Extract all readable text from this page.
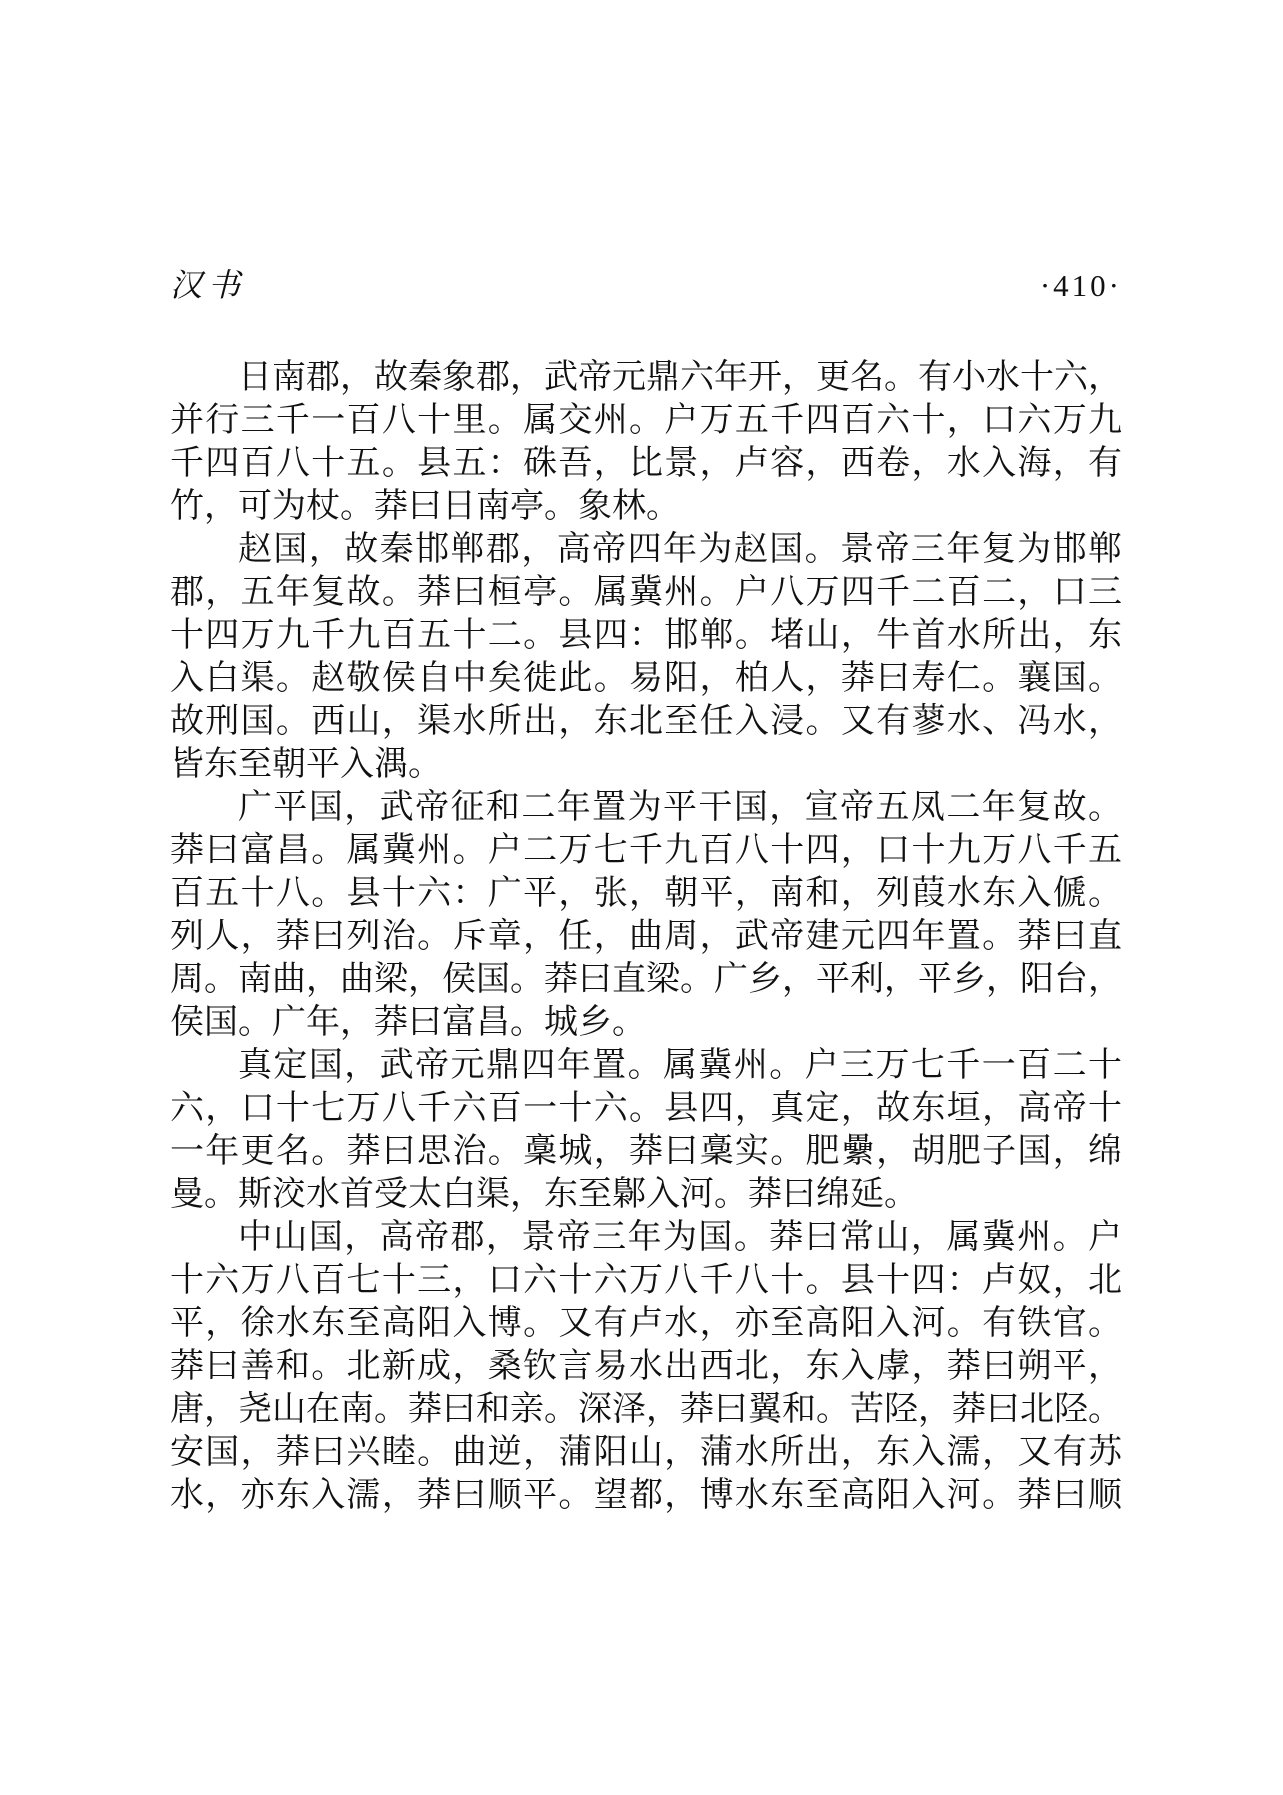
汉书	·410·
日南郡，故秦象郡，武帝元鼎六年开，更名。有小水十六，
并行三千一百八十里。属交州。户万五千四百六十，口六万九
千四百八十五。县五：硃吾，比景，卢容，西卷，水入海，有
竹，可为杖。莽曰日南亭。象林。
赵国，故秦邯郸郡，高帝四年为赵国。景帝三年复为邯郸
郡，五年复故。莽曰桓亭。属冀州。户八万四千二百二，口三
十四万九千九百五十二。县四：邯郸。堵山，牛首水所出，东
入白渠。赵敬侯自中矣徙此。易阳，柏人，莽曰寿仁。襄国。
故刑国。西山，渠水所出，东北至任入浸。又有蓼水、冯水，
皆东至朝平入湡。
广平国，武帝征和二年置为平干国，宣帝五凤二年复故。
莽曰富昌。属冀州。户二万七千九百八十四，口十九万八千五
百五十八。县十六：广平，张，朝平，南和，列葭水东入傂。
列人，莽曰列治。斥章，任，曲周，武帝建元四年置。莽曰直
周。南曲，曲梁，侯国。莽曰直梁。广乡，平利，平乡，阳台，
侯国。广年，莽曰富昌。城乡。
真定国，武帝元鼎四年置。属冀州。户三万七千一百二十
六，口十七万八千六百一十六。县四，真定，故东垣，高帝十
一年更名。莽曰思治。稾城，莽曰稾实。肥纍，胡肥子国，绵
曼。斯洨水首受太白渠，东至鄡入河。莽曰绵延。
中山国，高帝郡，景帝三年为国。莽曰常山，属冀州。户
十六万八百七十三，口六十六万八千八十。县十四：卢奴，北
平，徐水东至高阳入博。又有卢水，亦至高阳入河。有铁官。
莽曰善和。北新成，桑钦言易水出西北，东入虖，莽曰朔平，
唐，尧山在南。莽曰和亲。深泽，莽曰翼和。苦陉，莽曰北陉。
安国，莽曰兴睦。曲逆，蒲阳山，蒲水所出，东入濡，又有苏
水，亦东入濡，莽曰顺平。望都，博水东至高阳入河。莽曰顺
